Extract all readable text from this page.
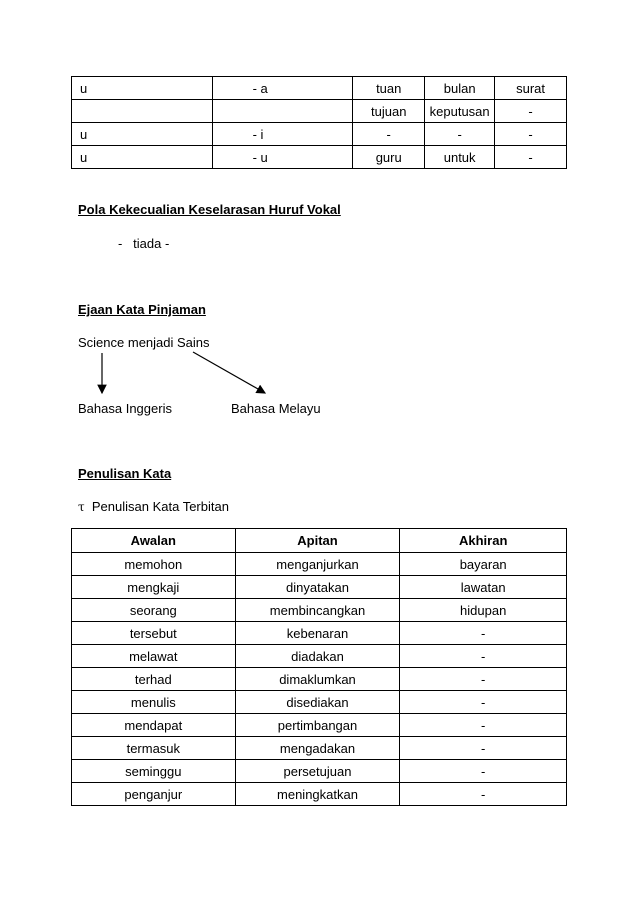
u	- a	tuan	bulan	surat
		tujuan	keputusan	-
u	- i	-	-	-
u	- u	guru	untuk	-
Pola Kekecualian Keselarasan Huruf Vokal
-   tiada -
Ejaan Kata Pinjaman
Science menjadi Sains
Bahasa Inggeris	Bahasa Melayu
Penulisan Kata
τ Penulisan Kata Terbitan
Awalan	Apitan	Akhiran
memohon	menganjurkan	bayaran
mengkaji	dinyatakan	lawatan
seorang	membincangkan	hidupan
tersebut	kebenaran	-
melawat	diadakan	-
terhad	dimaklumkan	-
menulis	disediakan	-
mendapat	pertimbangan	-
termasuk	mengadakan	-
seminggu	persetujuan	-
penganjur	meningkatkan	-
